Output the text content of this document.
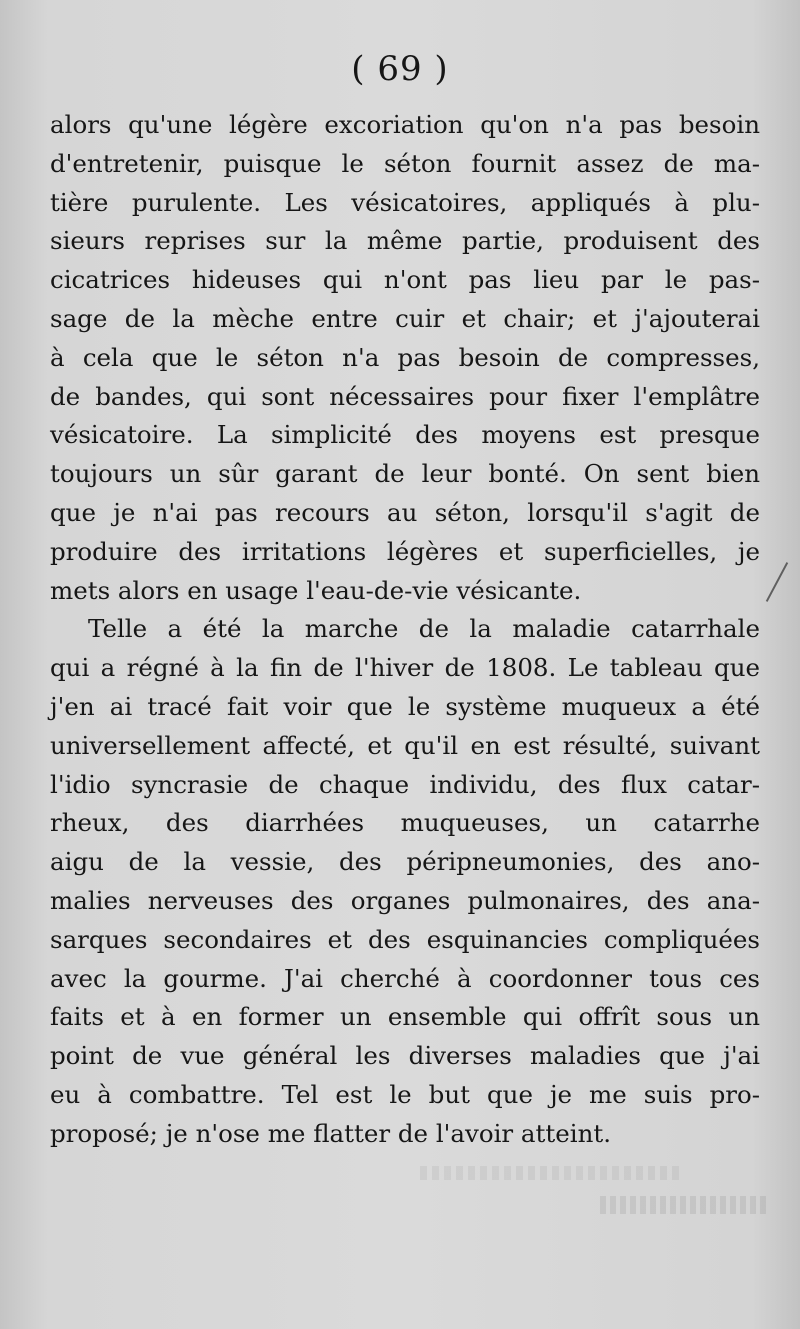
( 69 )
alors qu'une légère excoriation qu'on n'a pas besoin
d'entretenir, puisque le séton fournit assez de ma-
tière purulente. Les vésicatoires, appliqués à plu-
sieurs reprises sur la même partie, produisent des
cicatrices hideuses qui n'ont pas lieu par le pas-
sage de la mèche entre cuir et chair; et j'ajouterai
à cela que le séton n'a pas besoin de compresses,
de bandes, qui sont nécessaires pour fixer l'emplâtre
vésicatoire. La simplicité des moyens est presque
toujours un sûr garant de leur bonté. On sent bien
que je n'ai pas recours au séton, lorsqu'il s'agit de
produire des irritations légères et superficielles, je
mets alors en usage l'eau-de-vie vésicante.
Telle a été la marche de la maladie catarrhale
qui a régné à la fin de l'hiver de 1808. Le tableau que
j'en ai tracé fait voir que le système muqueux a été
universellement affecté, et qu'il en est résulté, suivant
l'idio syncrasie de chaque individu, des flux catar-
rheux, des diarrhées muqueuses, un catarrhe
aigu de la vessie, des péripneumonies, des ano-
malies nerveuses des organes pulmonaires, des ana-
sarques secondaires et des esquinancies compliquées
avec la gourme. J'ai cherché à coordonner tous ces
faits et à en former un ensemble qui offrît sous un
point de vue général les diverses maladies que j'ai
eu à combattre. Tel est le but que je me suis pro-
proposé; je n'ose me flatter de l'avoir atteint.
